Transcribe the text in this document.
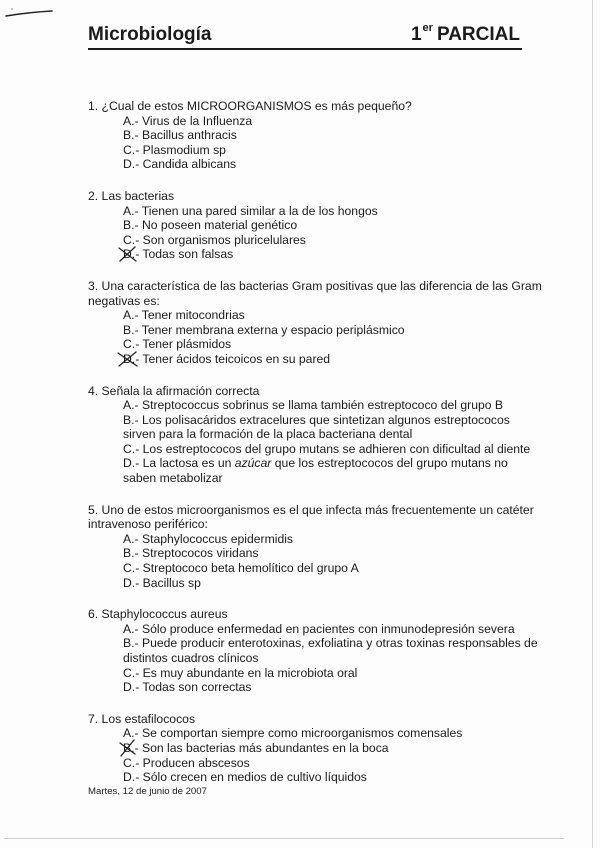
Microbiología	1er PARCIAL
1. ¿Cual de estos MICROORGANISMOS es más pequeño?
A.- Virus de la Influenza
B.- Bacillus anthracis
C.- Plasmodium sp
D.- Candida albicans
2. Las bacterias
A.- Tienen una pared similar a la de los hongos
B.- No poseen material genético
C.- Son organismos pluricelulares
D.- Todas son falsas
3. Una característica de las bacterias Gram positivas que las diferencia de las Gram negativas es:
A.- Tener mitocondrias
B.- Tener membrana externa y espacio periplásmico
C.- Tener plásmidos
D.- Tener ácidos teicoicos en su pared
4. Señala la afirmación correcta
A.- Streptococcus sobrinus se llama también estreptococo del grupo B
B.- Los polisacáridos extracelures que sintetizan algunos estreptococos sirven para la formación de la placa bacteriana dental
C.- Los estreptococos del grupo mutans se adhieren con dificultad al diente
D.- La lactosa es un azúcar que los estreptococos del grupo mutans no saben metabolizar
5. Uno de estos microorganismos es el que infecta más frecuentemente un catéter intravenoso periférico:
A.- Staphylococcus epidermidis
B.- Streptococos viridans
C.- Streptococo beta hemolítico del grupo A
D.- Bacillus sp
6. Staphylococcus aureus
A.- Sólo produce enfermedad en pacientes con inmunodepresión severa
B.- Puede producir enterotoxinas, exfoliatina y otras toxinas responsables de distintos cuadros clínicos
C.- Es muy abundante en la microbiota oral
D.- Todas son correctas
7. Los estafilococos
A.- Se comportan siempre como microorganismos comensales
B.- Son las bacterias más abundantes en la boca
C.- Producen abscesos
D.- Sólo crecen en medios de cultivo líquidos
Martes, 12 de junio de 2007
